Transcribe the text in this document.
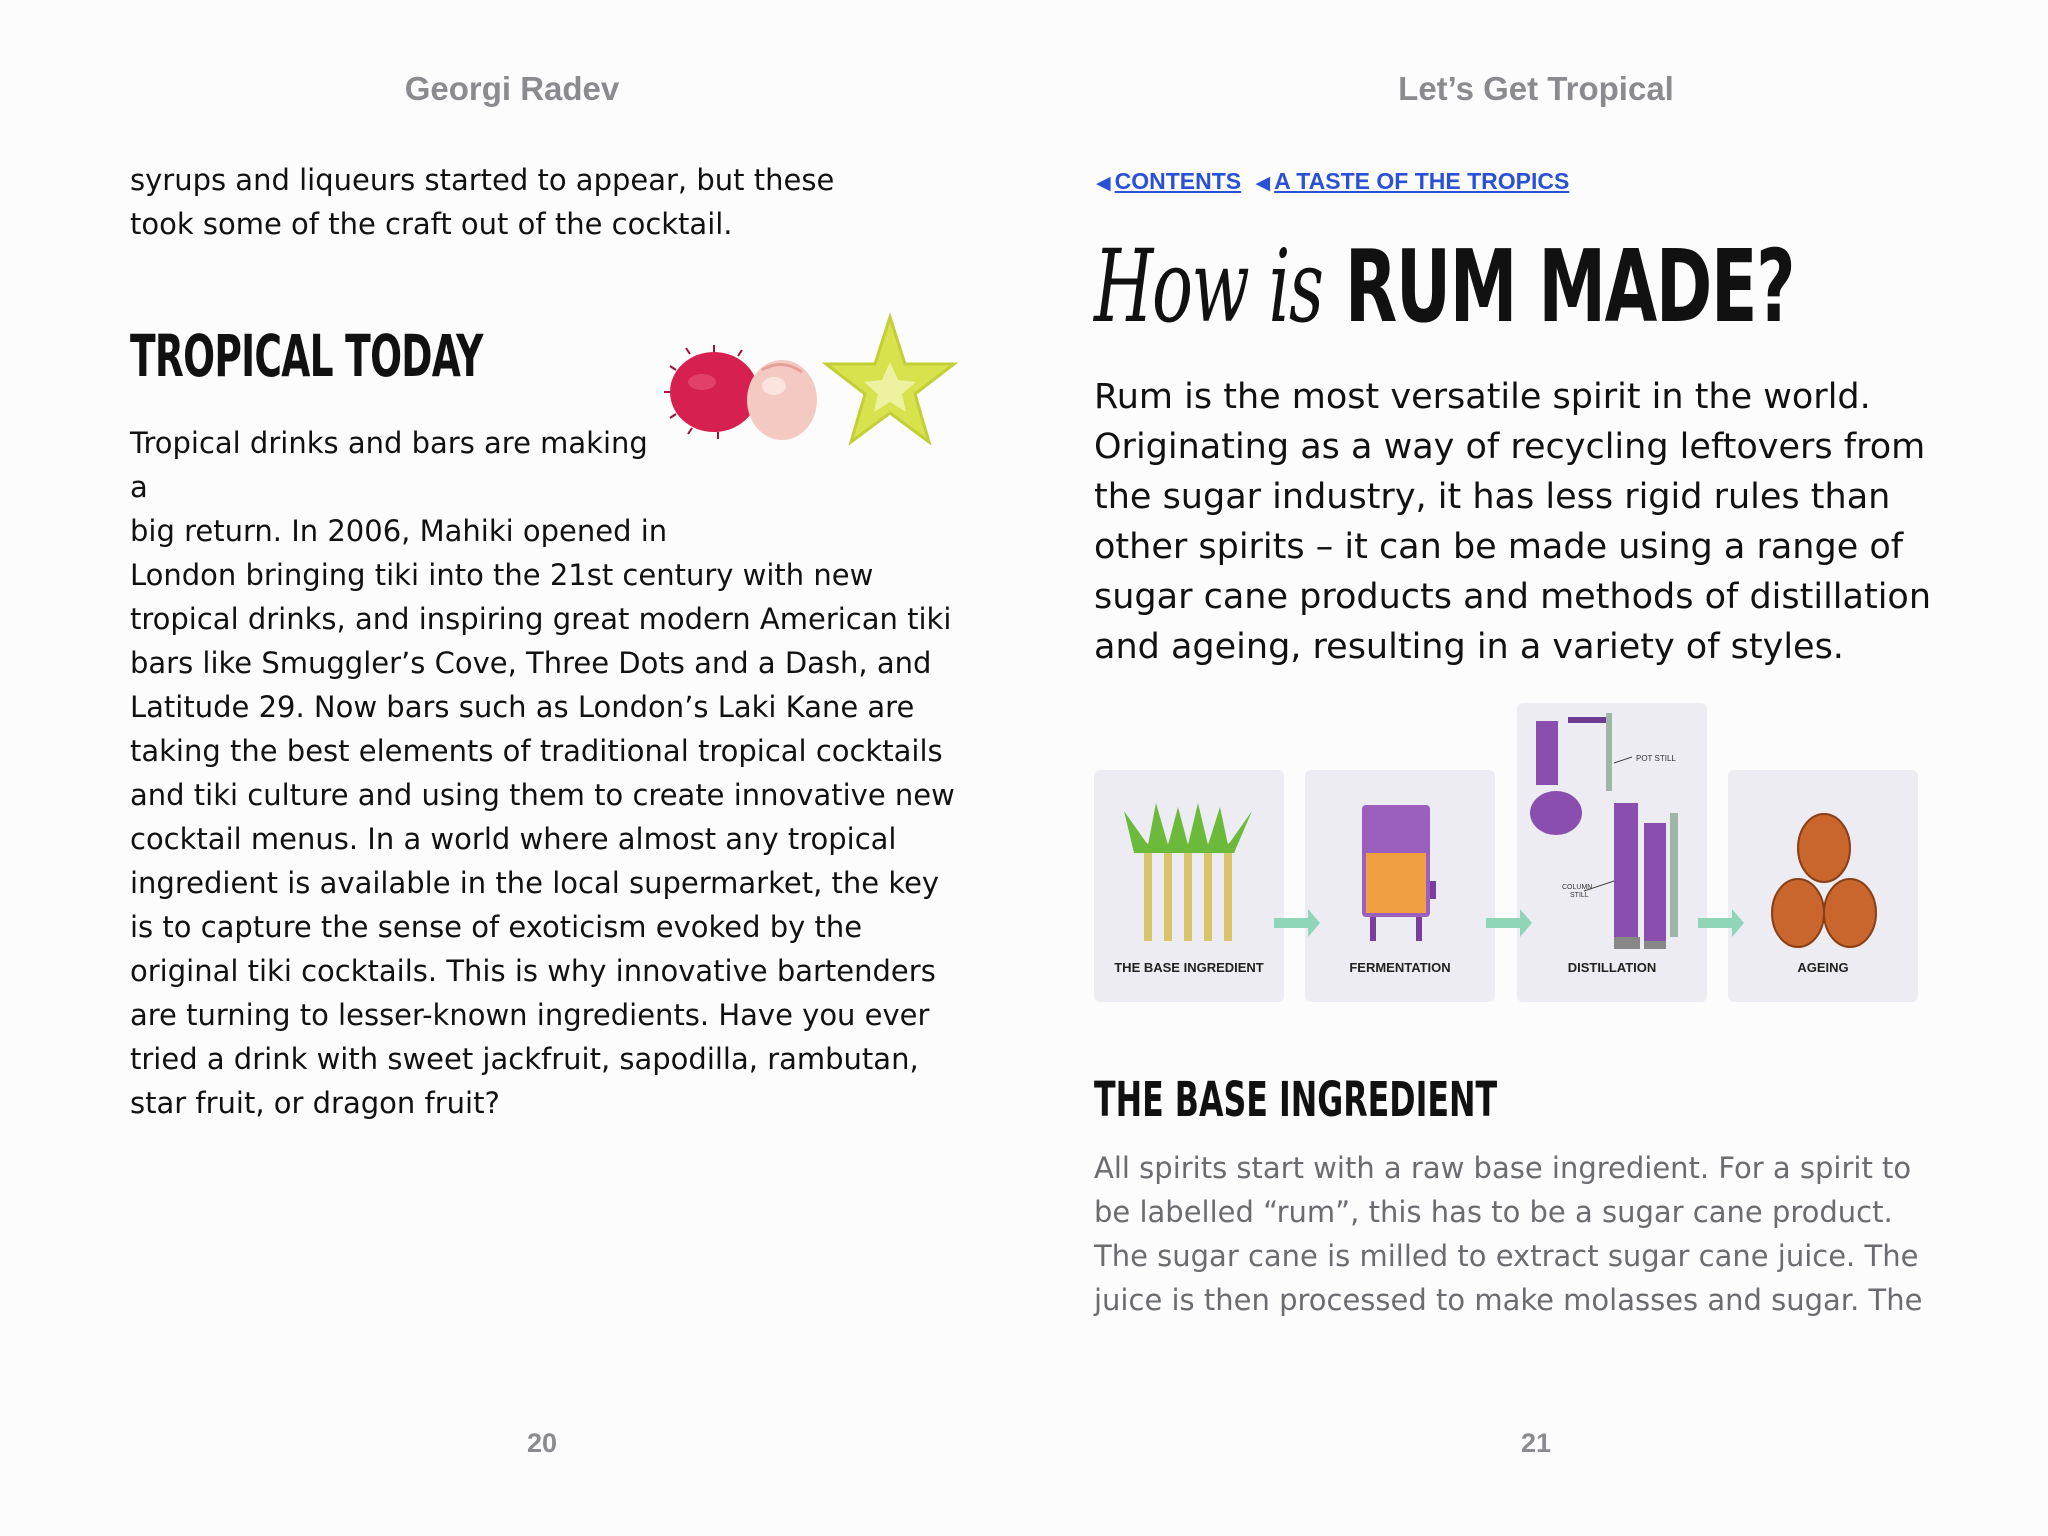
Georgi Radev

syrups and liqueurs started to appear, but these took some of the craft out of the cocktail.

TROPICAL TODAY

Tropical drinks and bars are making a
big return. In 2006, Mahiki opened in
London bringing tiki into the 21st century with new tropical drinks, and inspiring great modern American tiki bars like Smuggler’s Cove, Three Dots and a Dash, and Latitude 29. Now bars such as London’s Laki Kane are taking the best elements of traditional tropical cocktails and tiki culture and using them to create innovative new cocktail menus. In a world where almost any tropical ingredient is available in the local supermarket, the key is to capture the sense of exoticism evoked by the original tiki cocktails. This is why innovative bartenders are turning to lesser-known ingredients. Have you ever tried a drink with sweet jackfruit, sapodilla, rambutan, star fruit, or dragon fruit?

20
Let’s Get Tropical
21
◀ CONTENTS ◀ A TASTE OF THE TROPICS
How is RUM MADE?

Rum is the most versatile spirit in the world. Originating as a way of recycling leftovers from the sugar industry, it has less rigid rules than other spirits – it can be made using a range of sugar cane products and methods of distillation and ageing, resulting in a variety of styles.

POT STILL
COLUMN
STILL
THE BASE INGREDIENT	FERMENTATION	DISTILLATION	AGEING
THE BASE INGREDIENT

All spirits start with a raw base ingredient. For a spirit to be labelled “rum”, this has to be a sugar cane product. The sugar cane is milled to extract sugar cane juice. The juice is then processed to make molasses and sugar. The
